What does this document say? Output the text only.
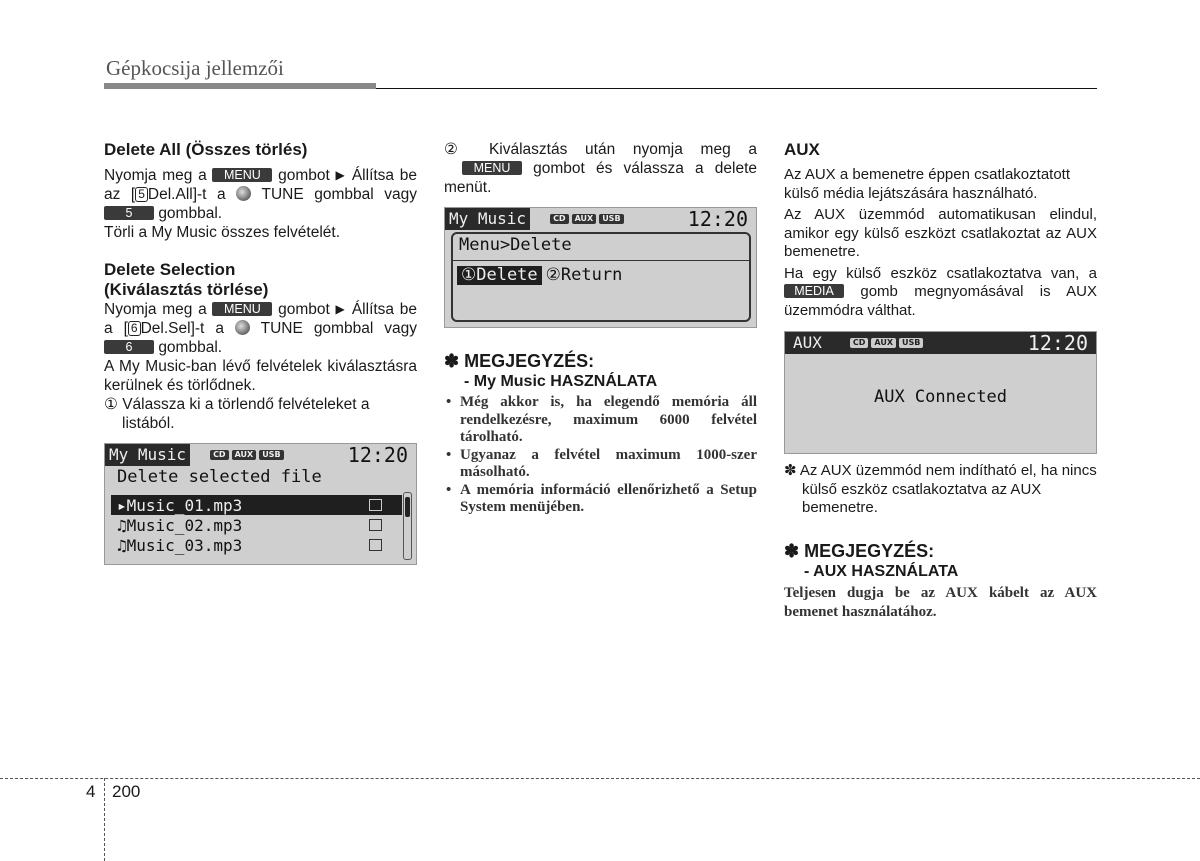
Gépkocsija jellemzői

Delete All (Összes törlés)

Nyomja meg a MENU gombot ▶ Állítsa be az [ 5 Del.All]-t a TUNE gombbal vagy 5 gombbal.

Törli a My Music összes felvételét.

Delete Selection

(Kiválasztás törlése)

Nyomja meg a MENU gombot ▶ Állítsa be a [ 6 Del.Sel]-t a TUNE gombbal vagy 6 gombbal.

A My Music-ban lévő felvételek kiválasztásra kerülnek és törlődnek.

① Válassza ki a törlendő felvételeket a listából.

My Music	CD	AUX	USB	12:20
Delete selected file
▸ Music_01.mp3
♫ Music_02.mp3
♫ Music_03.mp3

② Kiválasztás után nyomja meg a MENU gombot és válassza a delete menüt.

My Music	CD	AUX	USB	12:20
Menu>Delete
①Delete ②Return
✽ MEGJEGYZÉS:
- My Music HASZNÁLATA
• Még akkor is, ha elegendő memória áll rendelkezésre, maximum 6000 felvétel tárolható.
• Ugyanaz a felvétel maximum 1000-szer másolható.
• A memória információ ellenőrizhető a Setup System menüjében.

AUX

Az AUX a bemenetre éppen csatlakoztatott külső média lejátszására használható.

Az AUX üzemmód automatikusan elindul, amikor egy külső eszközt csatlakoztat az AUX bemenetre.

Ha egy külső eszköz csatlakoztatva van, a MEDIA gomb megnyomásával is AUX üzemmódra válthat.

AUX	CD	AUX	USB	12:20
AUX Connected

✽ Az AUX üzemmód nem indítható el, ha nincs külső eszköz csatlakoztatva az AUX bemenetre.

✽ MEGJEGYZÉS:
- AUX HASZNÁLATA

Teljesen dugja be az AUX kábelt az AUX bemenet használatához.

4 200
